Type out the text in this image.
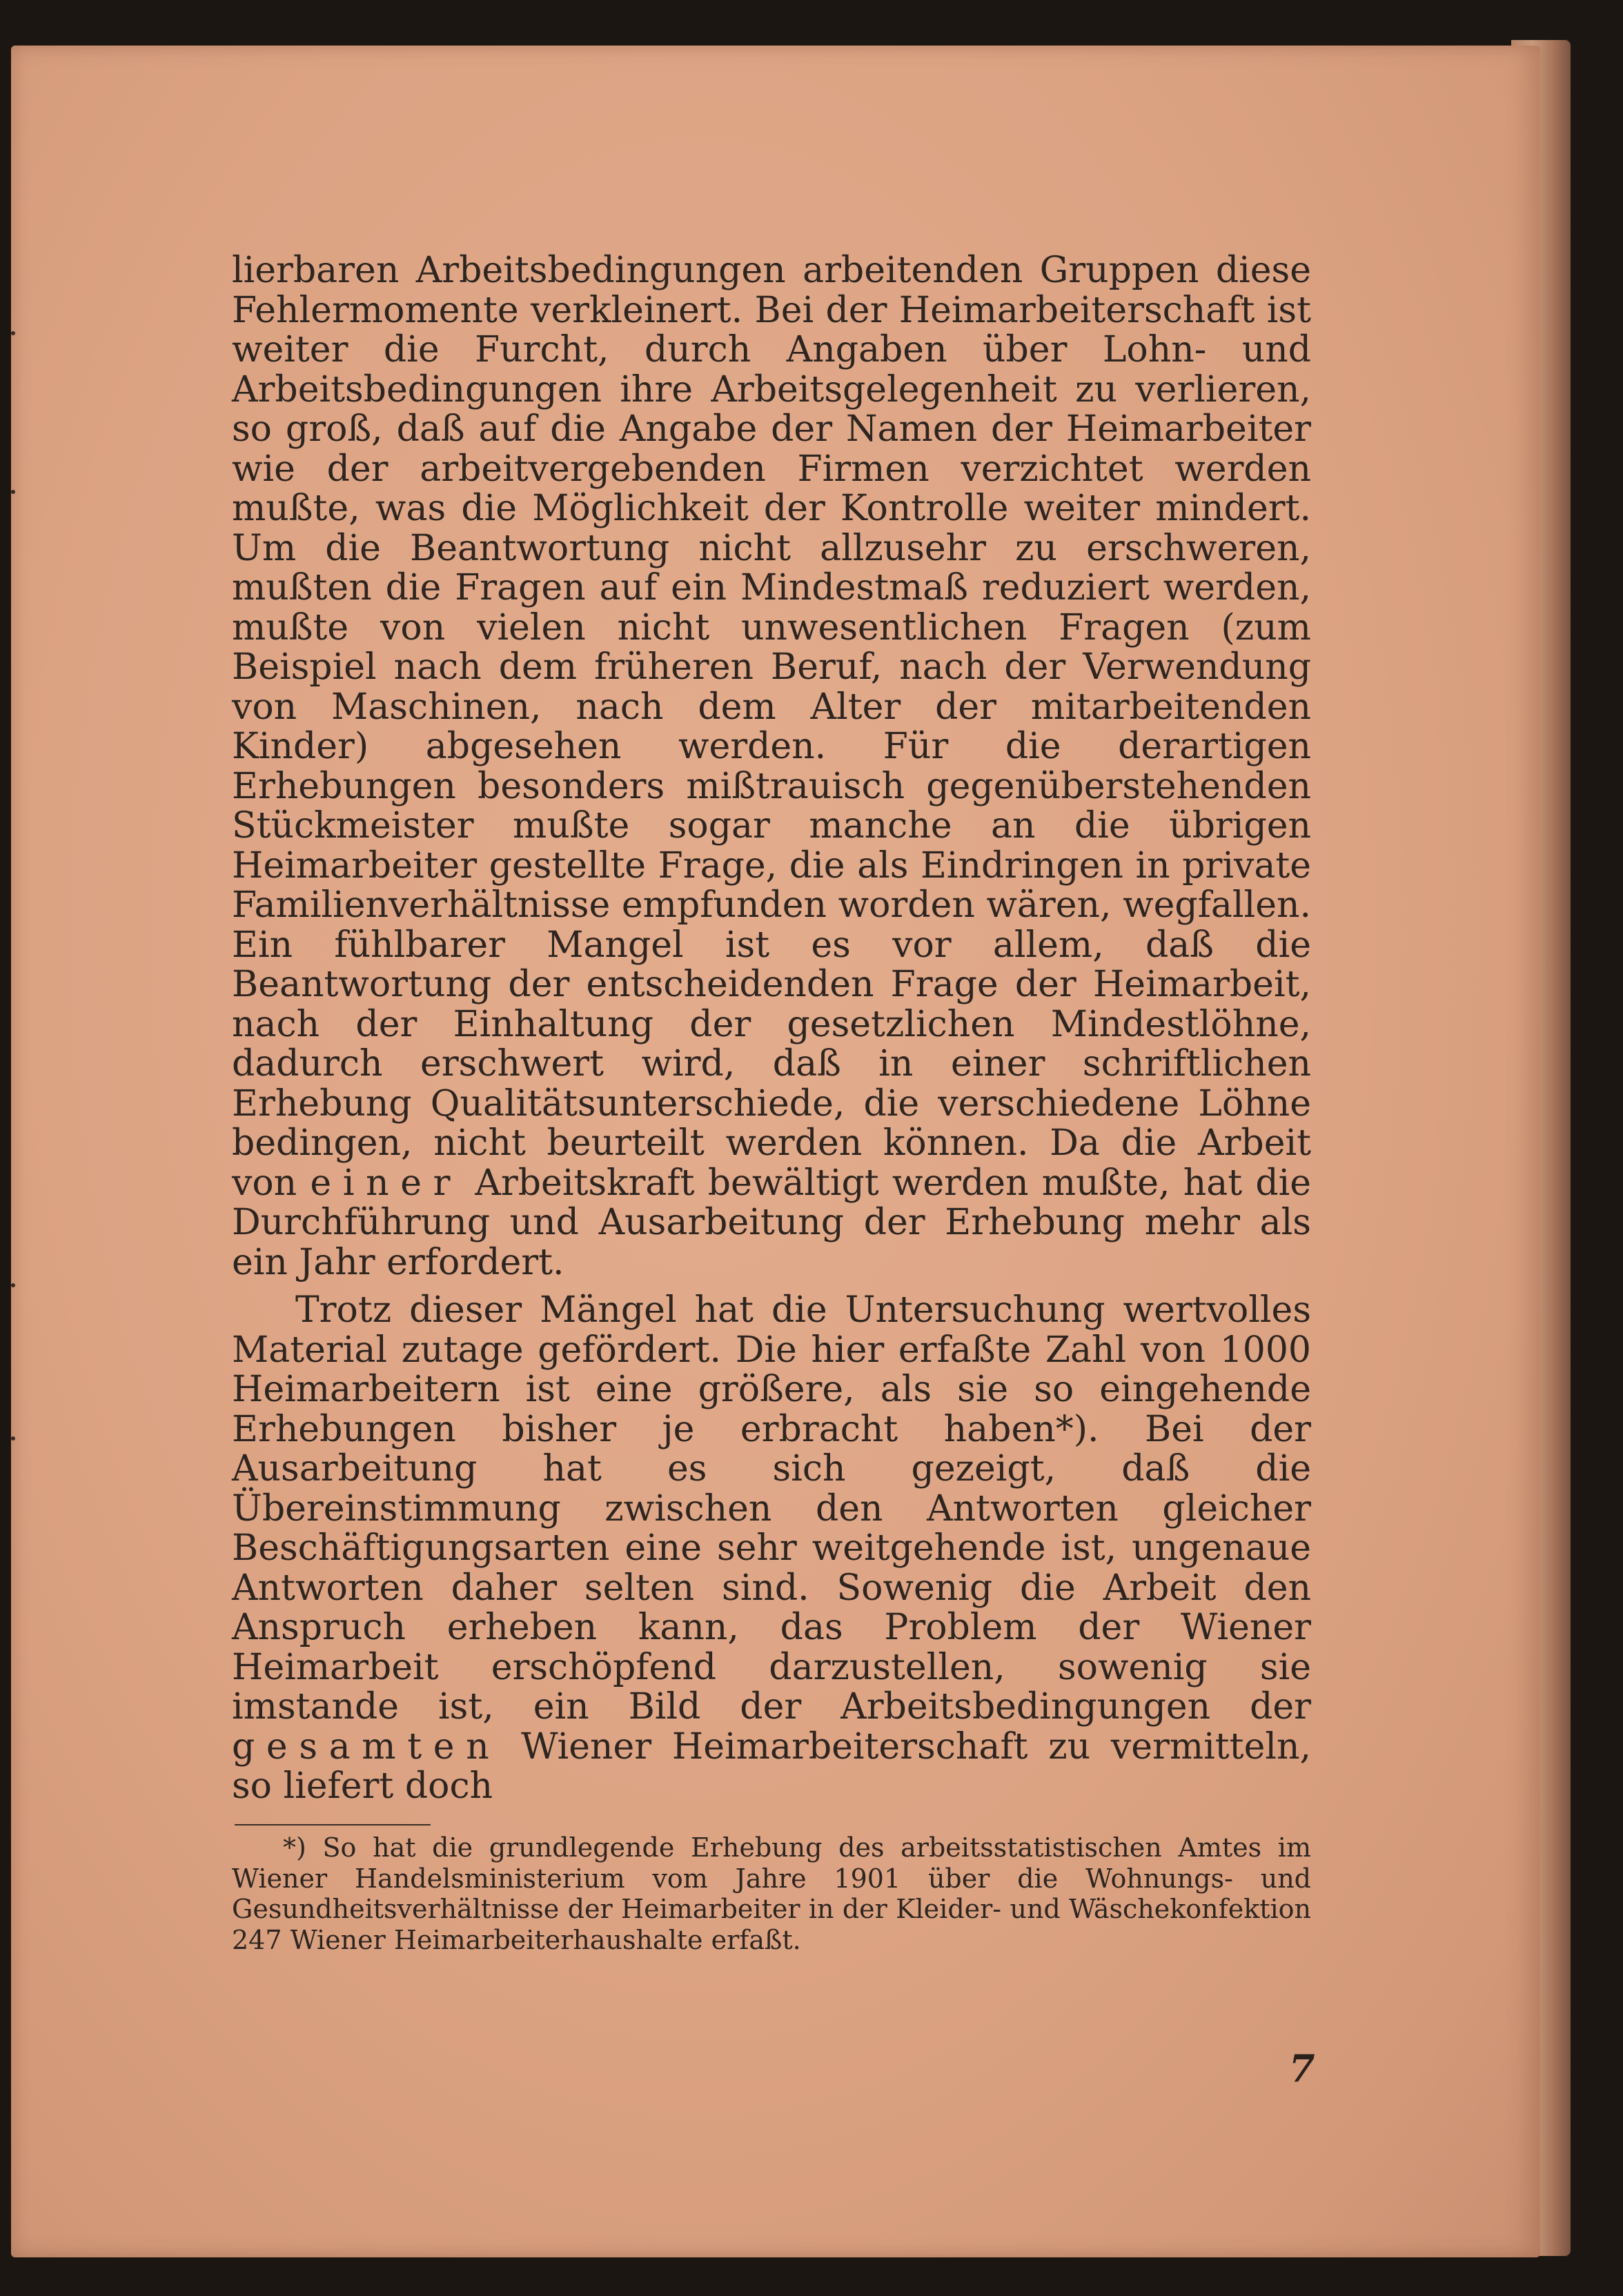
lierbaren Arbeitsbedingungen arbeitenden Gruppen diese Fehlermomente verkleinert. Bei der Heimarbeiterschaft ist weiter die Furcht, durch Angaben über Lohn- und Arbeitsbedingungen ihre Arbeitsgelegenheit zu verlieren, so groß, daß auf die Angabe der Namen der Heimarbeiter wie der arbeitvergebenden Firmen verzichtet werden mußte, was die Möglichkeit der Kontrolle weiter mindert. Um die Beantwortung nicht allzusehr zu erschweren, mußten die Fragen auf ein Mindestmaß reduziert werden, mußte von vielen nicht unwesentlichen Fragen (zum Beispiel nach dem früheren Beruf, nach der Verwendung von Maschinen, nach dem Alter der mitarbeitenden Kinder) abgesehen werden. Für die derartigen Erhebungen besonders mißtrauisch gegenüberstehenden Stückmeister mußte sogar manche an die übrigen Heimarbeiter gestellte Frage, die als Eindringen in private Familienverhältnisse empfunden worden wären, wegfallen. Ein fühlbarer Mangel ist es vor allem, daß die Beantwortung der entscheidenden Frage der Heimarbeit, nach der Einhaltung der gesetzlichen Mindestlöhne, dadurch erschwert wird, daß in einer schriftlichen Erhebung Qualitätsunterschiede, die verschiedene Löhne bedingen, nicht beurteilt werden können. Da die Arbeit von einer Arbeitskraft bewältigt werden mußte, hat die Durchführung und Ausarbeitung der Erhebung mehr als ein Jahr erfordert.

Trotz dieser Mängel hat die Untersuchung wertvolles Material zutage gefördert. Die hier erfaßte Zahl von 1000 Heimarbeitern ist eine größere, als sie so eingehende Erhebungen bisher je erbracht haben*). Bei der Ausarbeitung hat es sich gezeigt, daß die Übereinstimmung zwischen den Antworten gleicher Beschäftigungsarten eine sehr weitgehende ist, ungenaue Antworten daher selten sind. Sowenig die Arbeit den Anspruch erheben kann, das Problem der Wiener Heimarbeit erschöpfend darzustellen, sowenig sie imstande ist, ein Bild der Arbeitsbedingungen der gesamten Wiener Heimarbeiterschaft zu vermitteln, so liefert doch

*) So hat die grundlegende Erhebung des arbeitsstatistischen Amtes im Wiener Handelsministerium vom Jahre 1901 über die Wohnungs- und Gesundheitsverhältnisse der Heimarbeiter in der Kleider- und Wäschekonfektion 247 Wiener Heimarbeiterhaushalte erfaßt.

7
